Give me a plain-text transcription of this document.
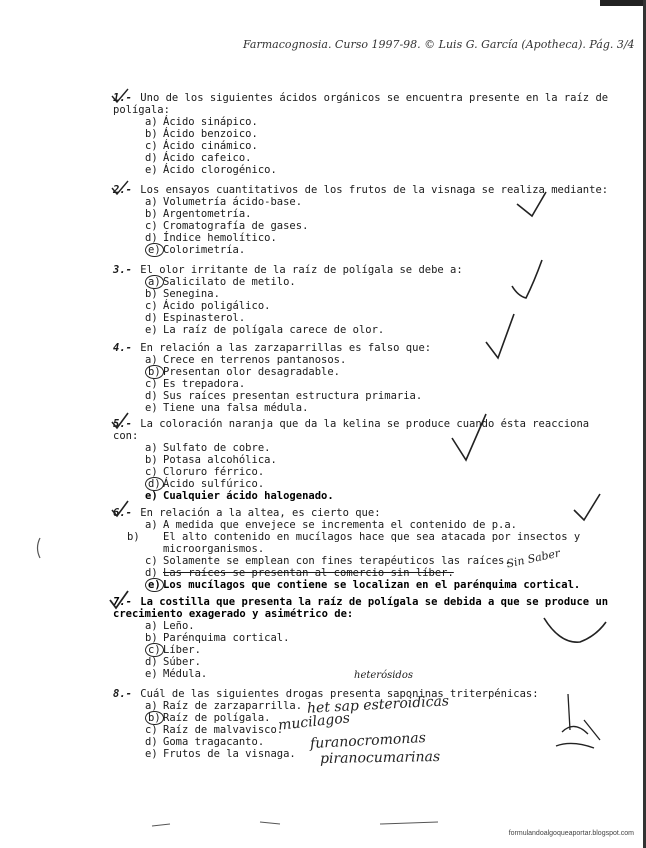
Farmacognosia. Curso 1997-98. © Luis G. García (Apotheca). Pág. 3/4

1.- Uno de los siguientes ácidos orgánicos se encuentra presente en la raíz de polígala:

a) Ácido sinápico.
b) Ácido benzoico.
c) Ácido cinámico.
d) Ácido cafeico.
e) Ácido clorogénico.

2.- Los ensayos cuantitativos de los frutos de la visnaga se realiza mediante:

a) Volumetría ácido-base.
b) Argentometría.
c) Cromatografía de gases.
d) Índice hemolítico.
e) Colorimetría.

3.- El olor irritante de la raíz de polígala se debe a:

a) Salicilato de metilo.
b) Senegina.
c) Ácido poligálico.
d) Espinasterol.
e) La raíz de polígala carece de olor.

4.- En relación a las zarzaparrillas es falso que:

a) Crece en terrenos pantanosos.
b) Presentan olor desagradable.
c) Es trepadora.
d) Sus raíces presentan estructura primaria.
e) Tiene una falsa médula.

5.- La coloración naranja que da la kelina se produce cuando ésta reacciona con:

a) Sulfato de cobre.
b) Potasa alcohólica.
c) Cloruro férrico.
d) Ácido sulfúrico.
e) Cualquier ácido halogenado.

6.- En relación a la altea, es cierto que:

a) A medida que envejece se incrementa el contenido de p.a.
b) El alto contenido en mucílagos hace que sea atacada por insectos y microorganismos.
c) Solamente se emplean con fines terapéuticos las raíces.
d) Las raíces se presentan al comercio sin líber.
e) Los mucílagos que contiene se localizan en el parénquima cortical.

7.- La costilla que presenta la raíz de polígala se debida a que se produce un crecimiento exagerado y asimétrico de:

a) Leño.
b) Parénquima cortical.
c) Líber.
d) Súber.
e) Médula.

8.- Cuál de las siguientes drogas presenta saponinas triterpénicas:

a) Raíz de zarzaparrilla.
b) Raíz de polígala.
c) Raíz de malvavisco.
d) Goma tragacanto.
e) Frutos de la visnaga.
Sin Saber
heterósidos
het sap esteroidicas
mucilagos
furanocromonas
piranocumarinas
formulandoalgoqueaportar.blogspot.com
